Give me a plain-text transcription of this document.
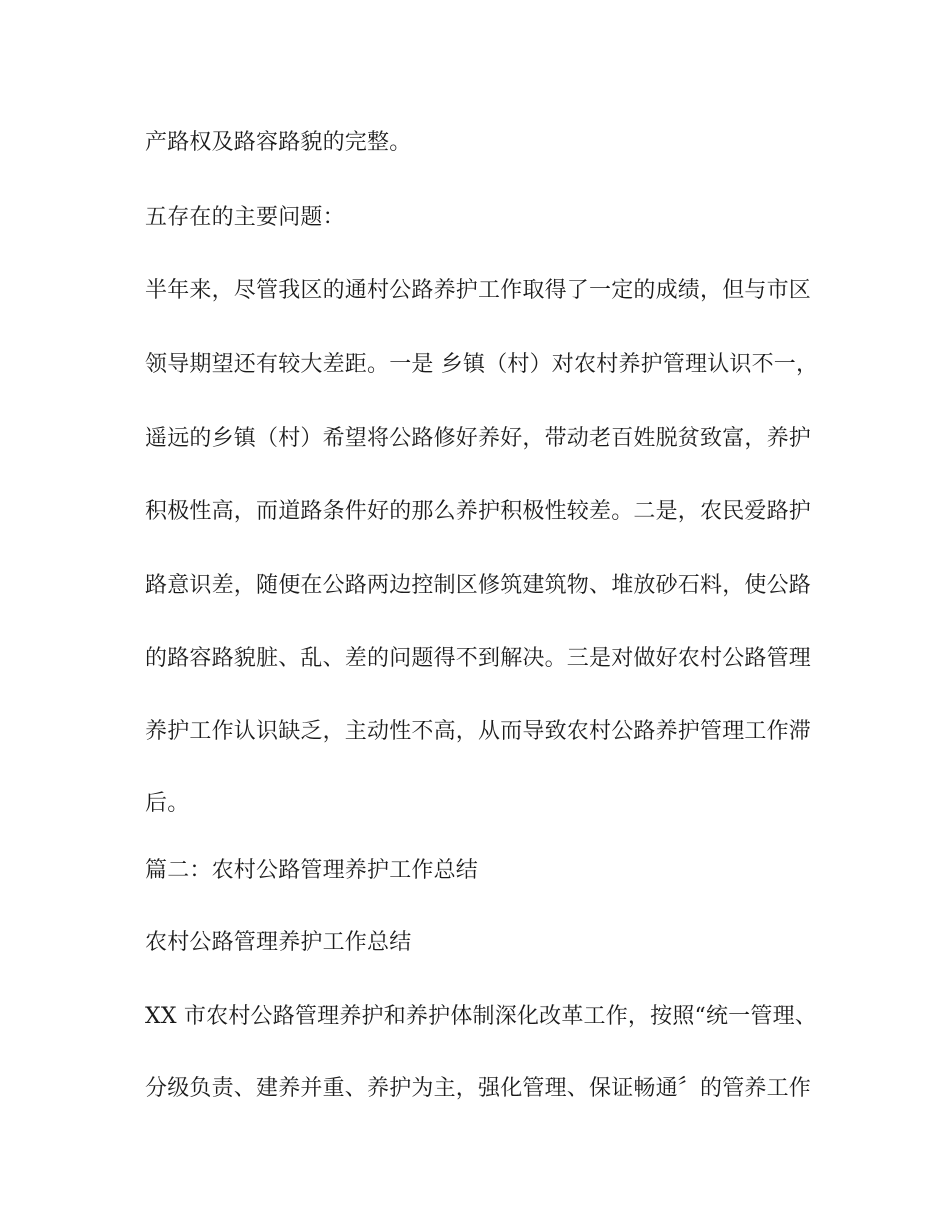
产路权及路容路貌的完整。
五存在的主要问题：
半年来，尽管我区的通村公路养护工作取得了一定的成绩，但与市区
领导期望还有较大差距。一是 乡镇（村）对农村养护管理认识不一，
遥远的乡镇（村）希望将公路修好养好，带动老百姓脱贫致富，养护
积极性高，而道路条件好的那么养护积极性较差。二是，农民爱路护
路意识差，随便在公路两边控制区修筑建筑物、堆放砂石料，使公路
的路容路貌脏、乱、差的问题得不到解决。三是对做好农村公路管理
养护工作认识缺乏，主动性不高，从而导致农村公路养护管理工作滞
后。
篇二：农村公路管理养护工作总结
农村公路管理养护工作总结
XX 市农村公路管理养护和养护体制深化改革工作，按照“统一管理、
分级负责、建养并重、养护为主，强化管理、保证畅通〞的管养工作
